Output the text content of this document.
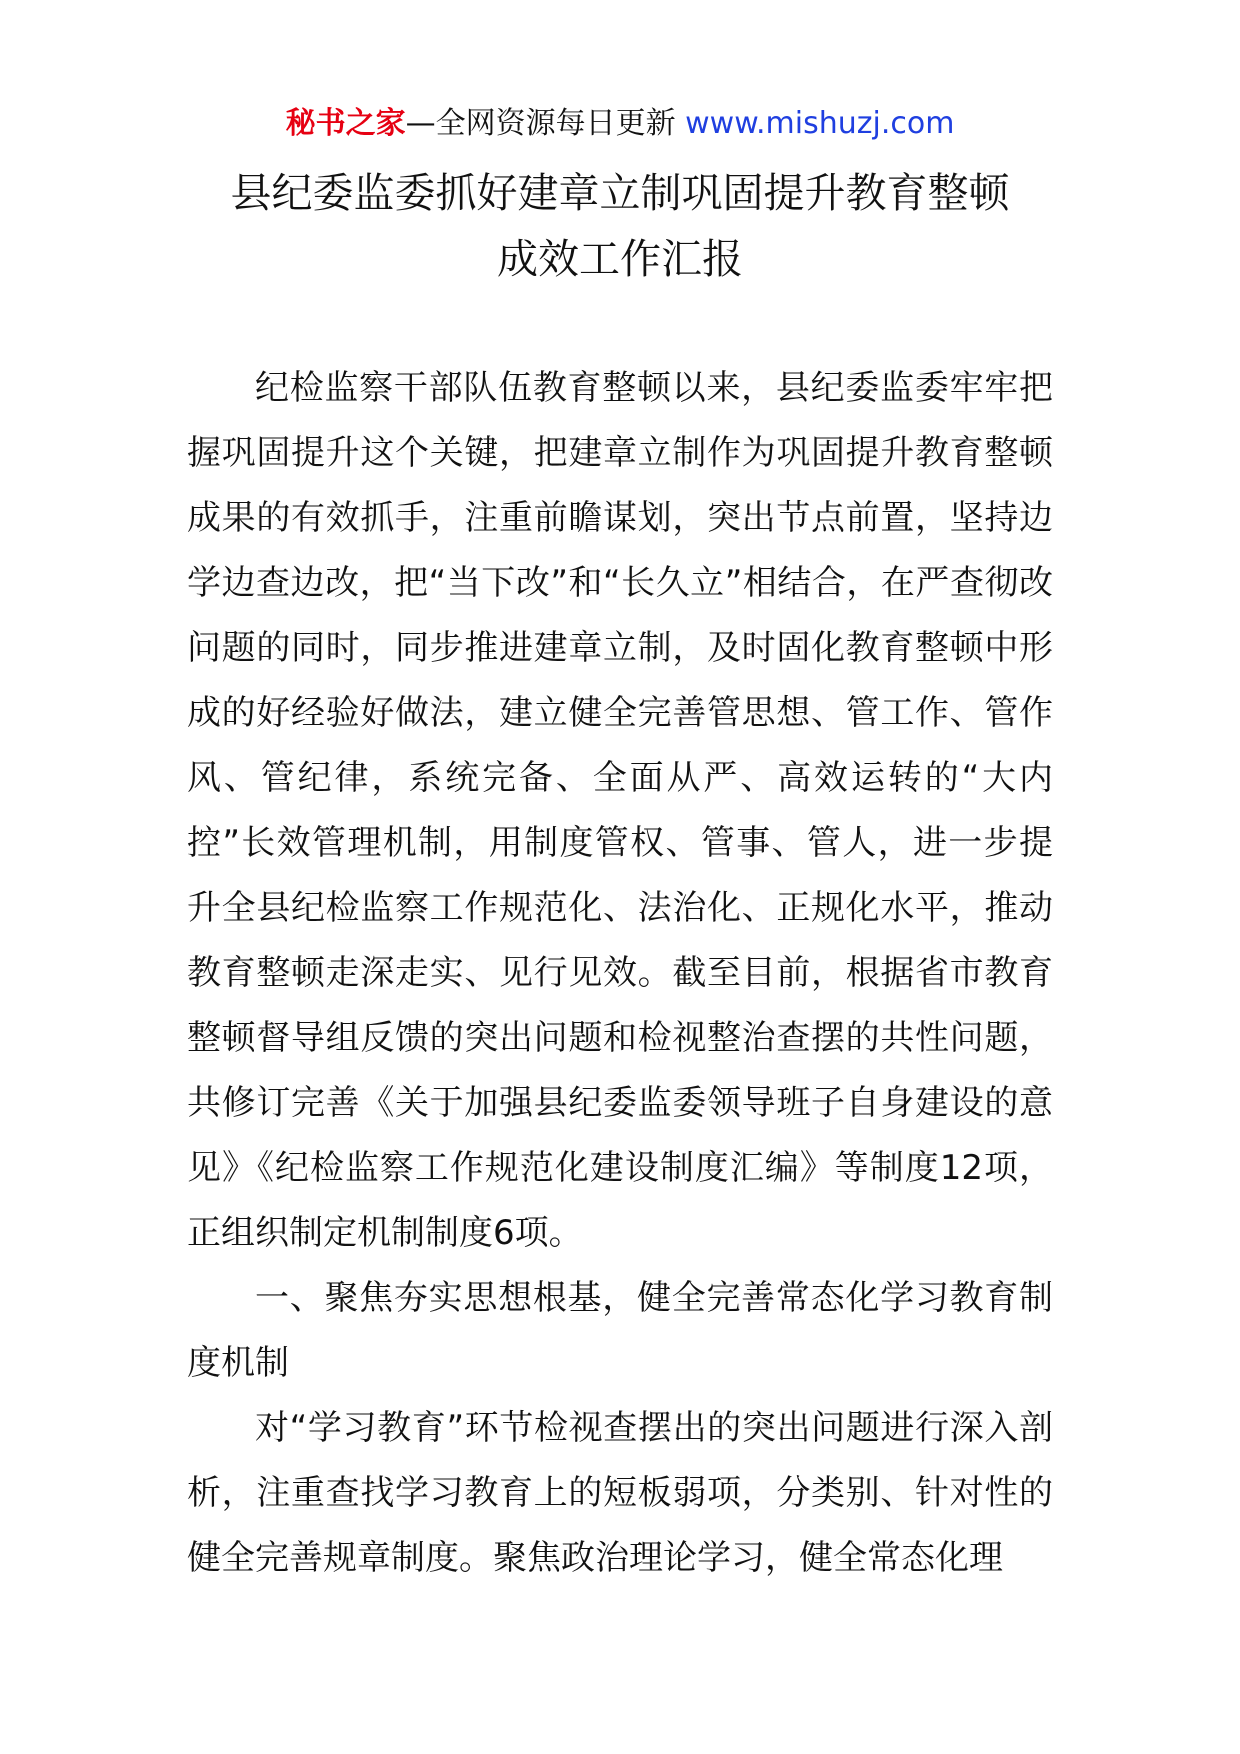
秘书之家—全网资源每日更新 www.mishuzj.com
县纪委监委抓好建章立制巩固提升教育整顿
成效工作汇报

纪检监察干部队伍教育整顿以来，县纪委监委牢牢把握巩固提升这个关键，把建章立制作为巩固提升教育整顿成果的有效抓手，注重前瞻谋划，突出节点前置，坚持边学边查边改，把“当下改”和“长久立”相结合，在严查彻改问题的同时，同步推进建章立制，及时固化教育整顿中形成的好经验好做法，建立健全完善管思想、管工作、管作风、管纪律，系统完备、全面从严、高效运转的“大内控”长效管理机制，用制度管权、管事、管人，进一步提升全县纪检监察工作规范化、法治化、正规化水平，推动教育整顿走深走实、见行见效。截至目前，根据省市教育整顿督导组反馈的突出问题和检视整治查摆的共性问题，共修订完善《关于加强县纪委监委领导班子自身建设的意见》《纪检监察工作规范化建设制度汇编》等制度12项，正组织制定机制制度6项。

一、聚焦夯实思想根基，健全完善常态化学习教育制度机制

对“学习教育”环节检视查摆出的突出问题进行深入剖析，注重查找学习教育上的短板弱项，分类别、针对性的健全完善规章制度。聚焦政治理论学习，健全常态化理
